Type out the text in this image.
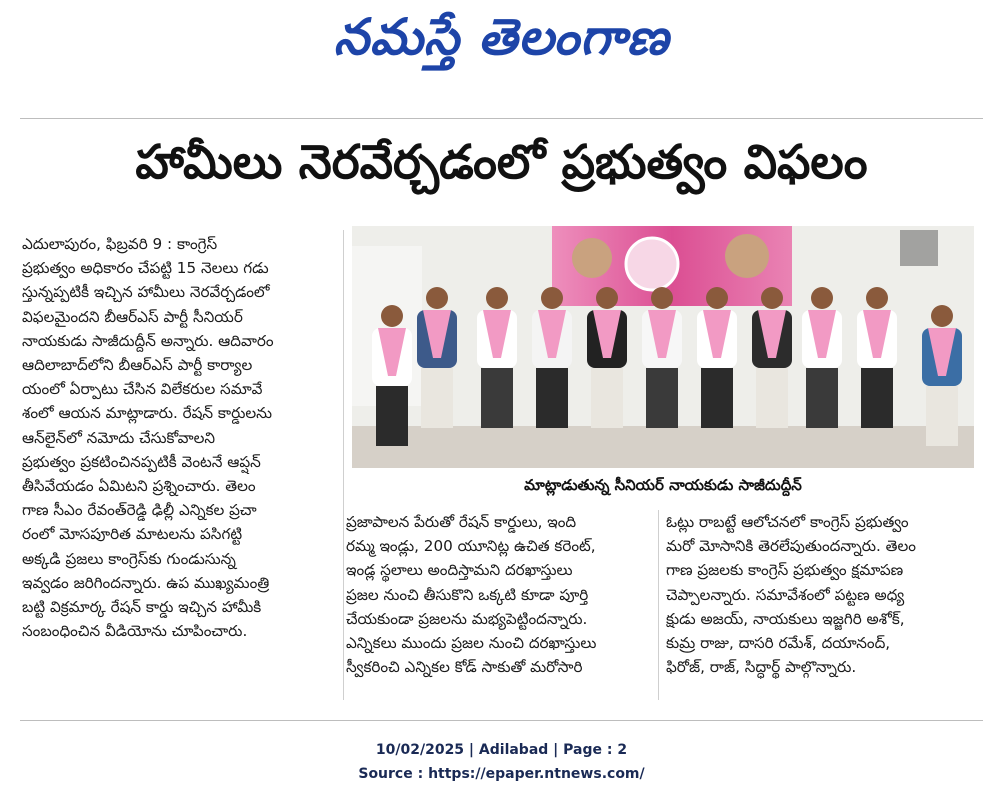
నమస్తే తెలంగాణ
హామీలు నెరవేర్చడంలో ప్రభుత్వం విఫలం

ఎదులాపురం, ఫిబ్రవరి 9 : కాంగ్రెస్

ప్రభుత్వం అధికారం చేపట్టి 15 నెలలు గడు

స్తున్నప్పటికీ ఇచ్చిన హామీలు నెరవేర్చడంలో

విఫలమైందని బీఆర్ఎస్ పార్టీ సీనియర్

నాయకుడు సాజీదుద్దీన్ అన్నారు. ఆదివారం

ఆదిలాబాద్‌లోని బీఆర్ఎస్ పార్టీ కార్యాల

యంలో ఏర్పాటు చేసిన విలేకరుల సమావే

శంలో ఆయన మాట్లాడారు. రేషన్ కార్డులను

ఆన్‌లైన్‌లో నమోదు చేసుకోవాలని

ప్రభుత్వం ప్రకటించినప్పటికీ వెంటనే ఆప్షన్

తీసివేయడం ఏమిటని ప్రశ్నించారు. తెలం

గాణ సీఎం రేవంత్‌రెడ్డి ఢిల్లీ ఎన్నికల ప్రచా

రంలో మోసపూరిత మాటలను పసిగట్టి

అక్కడి ప్రజలు కాంగ్రెస్‌కు గుండుసున్న

ఇవ్వడం జరిగిందన్నారు. ఉప ముఖ్యమంత్రి

బట్టి విక్రమార్క రేషన్ కార్డు ఇచ్చిన హామీకి

సంబంధించిన వీడియోను చూపించారు.

మాట్లాడుతున్న సీనియర్ నాయకుడు సాజీదుద్దీన్

ప్రజాపాలన పేరుతో రేషన్ కార్డులు, ఇంది

రమ్మ ఇండ్లు, 200 యూనిట్ల ఉచిత కరెంట్,

ఇండ్ల స్థలాలు అందిస్తామని దరఖాస్తులు

ప్రజల నుంచి తీసుకొని ఒక్కటి కూడా పూర్తి

చేయకుండా ప్రజలను మభ్యపెట్టిందన్నారు.

ఎన్నికలు ముందు ప్రజల నుంచి దరఖాస్తులు

స్వీకరించి ఎన్నికల కోడ్ సాకుతో మరోసారి

ఓట్లు రాబట్టే ఆలోచనలో కాంగ్రెస్ ప్రభుత్వం

మరో మోసానికి తెరలేపుతుందన్నారు. తెలం

గాణ ప్రజలకు కాంగ్రెస్ ప్రభుత్వం క్షమాపణ

చెప్పాలన్నారు. సమావేశంలో పట్టణ అధ్య

క్షుడు అజయ్, నాయకులు ఇజ్జగిరి అశోక్,

కుమ్ర రాజు, దాసరి రమేశ్, దయానంద్,

ఫిరోజ్, రాజ్, సిద్ధార్థ్ పాల్గొన్నారు.

10/02/2025 | Adilabad | Page : 2
Source : https://epaper.ntnews.com/
